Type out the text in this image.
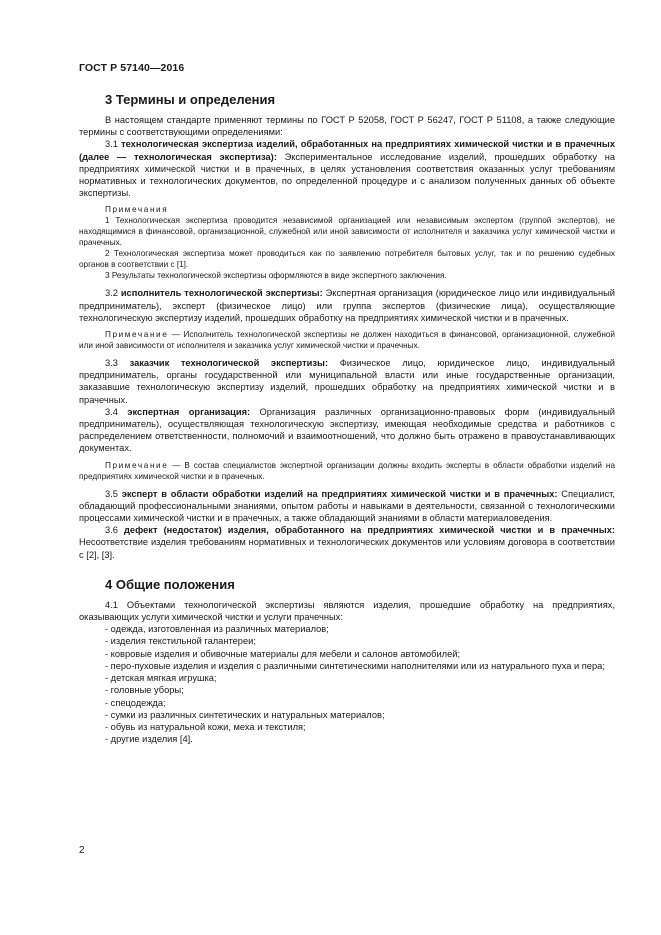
ГОСТ Р 57140—2016
3 Термины и определения

В настоящем стандарте применяют термины по ГОСТ Р 52058, ГОСТ Р 56247, ГОСТ Р 51108, а также следующие термины с соответствующими определениями:

3.1 технологическая экспертиза изделий, обработанных на предприятиях химической чистки и в прачечных (далее — технологическая экспертиза): Экспериментальное исследование изделий, прошедших обработку на предприятиях химической чистки и в прачечных, в целях установления соответствия оказанных услуг требованиям нормативных и технологических документов, по определенной процедуре и с анализом полученных данных об объекте экспертизы.

Примечания

1 Технологическая экспертиза проводится независимой организацией или независимым экспертом (группой экспертов), не находящимися в финансовой, организационной, служебной или иной зависимости от исполнителя и заказчика услуг химической чистки и прачечных.

2 Технологическая экспертиза может проводиться как по заявлению потребителя бытовых услуг, так и по решению судебных органов в соответствии с [1].

3 Результаты технологической экспертизы оформляются в виде экспертного заключения.

3.2 исполнитель технологической экспертизы: Экспертная организация (юридическое лицо или индивидуальный предприниматель), эксперт (физическое лицо) или группа экспертов (физические лица), осуществляющие технологическую экспертизу изделий, прошедших обработку на предприятиях химической чистки и в прачечных.

Примечание — Исполнитель технологической экспертизы не должен находиться в финансовой, организационной, служебной или иной зависимости от исполнителя и заказчика услуг химической чистки и прачечных.

3.3 заказчик технологической экспертизы: Физическое лицо, юридическое лицо, индивидуальный предприниматель, органы государственной или муниципальной власти или иные государственные организации, заказавшие технологическую экспертизу изделий, прошедших обработку на предприятиях химической чистки и в прачечных.

3.4 экспертная организация: Организация различных организационно-правовых форм (индивидуальный предприниматель), осуществляющая технологическую экспертизу, имеющая необходимые средства и работников с распределением ответственности, полномочий и взаимоотношений, что должно быть отражено в правоустанавливающих документах.

Примечание — В состав специалистов экспертной организации должны входить эксперты в области обработки изделий на предприятиях химической чистки и в прачечных.

3.5 эксперт в области обработки изделий на предприятиях химической чистки и в прачечных: Специалист, обладающий профессиональными знаниями, опытом работы и навыками в деятельности, связанной с технологическими процессами химической чистки и в прачечных, а также обладающий знаниями в области материаловедения.

3.6 дефект (недостаток) изделия, обработанного на предприятиях химической чистки и в прачечных: Несоответствие изделия требованиям нормативных и технологических документов или условиям договора в соответствии с [2], [3].

4 Общие положения

4.1 Объектами технологической экспертизы являются изделия, прошедшие обработку на предприятиях, оказывающих услуги химической чистки и услуги прачечных:

- одежда, изготовленная из различных материалов;
- изделия текстильной галантереи;
- ковровые изделия и обивочные материалы для мебели и салонов автомобилей;
- перо-пуховые изделия и изделия с различными синтетическими наполнителями или из натурального пуха и пера;
- детская мягкая игрушка;
- головные уборы;
- спецодежда;
- сумки из различных синтетических и натуральных материалов;
- обувь из натуральной кожи, меха и текстиля;
- другие изделия [4].
2
